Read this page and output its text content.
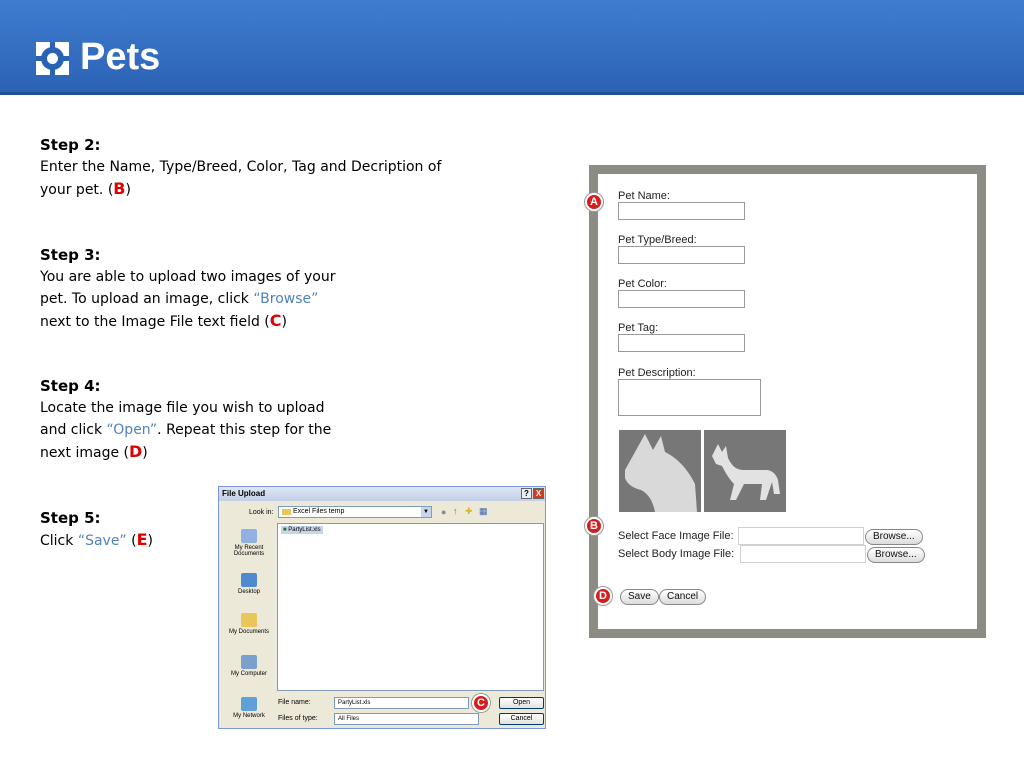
Pets
Step 2:
Enter the Name, Type/Breed, Color, Tag and Decription of
your pet. (B)
Step 3:
You are able to upload two images of your
pet. To upload an image, click “Browse”
next to the Image File text field (C)
Step 4:
Locate the image file you wish to upload
and click “Open”. Repeat this step for the
next image (D)
Step 5:
Click “Save” (E)
Pet Name:
Pet Type/Breed:
Pet Color:
Pet Tag:
Pet Description:
Select Face Image File:	Browse...
Select Body Image File:	Browse...
Save	Cancel
A
B
D
File Upload	? X
Look in:	Excel Files temp	▼ ● ↑ ✚ ▦
My Recent Documents
Desktop
My Documents
My Computer
My Network
■ PartyList.xls
File name:	PartyList.xls	Open
Files of type:	All Files	Cancel
C
